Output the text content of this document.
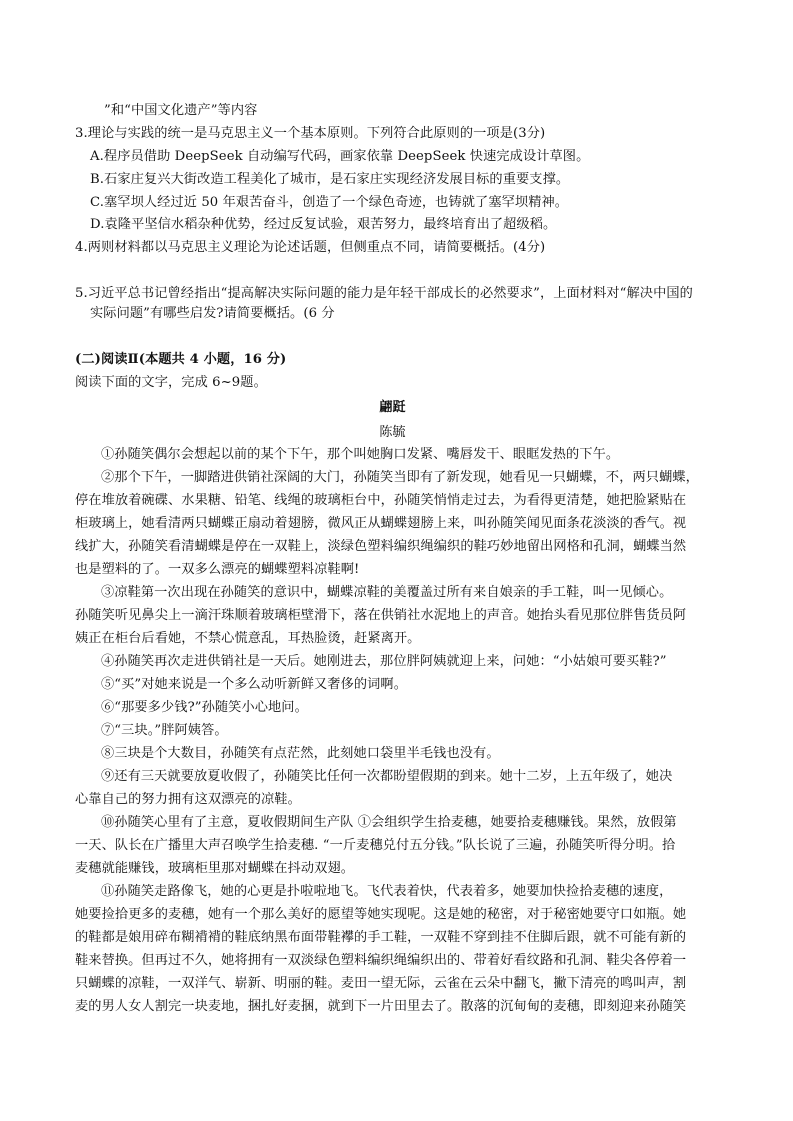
”和“中国文化遗产”等内容
3.理论与实践的统一是马克思主义一个基本原则。下列符合此原则的一项是(3分)
A.程序员借助 DeepSeek 自动编写代码，画家依靠 DeepSeek 快速完成设计草图。
B.石家庄复兴大街改造工程美化了城市，是石家庄实现经济发展目标的重要支撑。
C.塞罕坝人经过近 50 年艰苦奋斗，创造了一个绿色奇迹，也铸就了塞罕坝精神。
D.袁隆平坚信水稻杂种优势，经过反复试验，艰苦努力，最终培育出了超级稻。
4.两则材料都以马克思主义理论为论述话题，但侧重点不同，请简要概括。(4分)
5.习近平总书记曾经指出“提高解决实际问题的能力是年轻干部成长的必然要求”，上面材料对“解决中国的
实际问题”有哪些启发?请简要概括。(6 分
(二)阅读Ⅱ(本题共 4 小题，16 分)
阅读下面的文字，完成 6~9题。
翩跹
陈毓
①孙随笑偶尔会想起以前的某个下午，那个叫她胸口发紧、嘴唇发干、眼眶发热的下午。
②那个下午，一脚踏进供销社深阔的大门，孙随笑当即有了新发现，她看见一只蝴蝶，不，两只蝴蝶，
停在堆放着碗碟、水果糖、铅笔、线绳的玻璃柜台中，孙随笑悄悄走过去，为看得更清楚，她把脸紧贴在
柜玻璃上，她看清两只蝴蝶正扇动着翅膀，微风正从蝴蝶翅膀上来，叫孙随笑闻见面条花淡淡的香气。视
线扩大，孙随笑看清蝴蝶是停在一双鞋上，淡绿色塑料编织绳编织的鞋巧妙地留出网格和孔洞，蝴蝶当然
也是塑料的了。一双多么漂亮的蝴蝶塑料凉鞋啊!
③凉鞋第一次出现在孙随笑的意识中，蝴蝶凉鞋的美覆盖过所有来自娘亲的手工鞋，叫一见倾心。
孙随笑听见鼻尖上一滴汗珠顺着玻璃柜壁滑下，落在供销社水泥地上的声音。她抬头看见那位胖售货员阿
姨正在柜台后看她，不禁心慌意乱，耳热脸烫，赶紧离开。
④孙随笑再次走进供销社是一天后。她刚进去，那位胖阿姨就迎上来，问她：“小姑娘可要买鞋?”
⑤“买”对她来说是一个多么动听新鲜又奢侈的词啊。
⑥“那要多少钱?”孙随笑小心地问。
⑦“三块。”胖阿姨答。
⑧三块是个大数目，孙随笑有点茫然，此刻她口袋里半毛钱也没有。
⑨还有三天就要放夏收假了，孙随笑比任何一次都盼望假期的到来。她十二岁，上五年级了，她决
心靠自己的努力拥有这双漂亮的凉鞋。
⑩孙随笑心里有了主意，夏收假期间生产队 ①会组织学生拾麦穗，她要拾麦穗赚钱。果然，放假第
一天、队长在广播里大声召唤学生拾麦穗. “一斤麦穗兑付五分钱。”队长说了三遍，孙随笑听得分明。拾
麦穗就能赚钱，玻璃柜里那对蝴蝶在抖动双翅。
⑪孙随笑走路像飞，她的心更是扑啦啦地飞。飞代表着快，代表着多，她要加快捡拾麦穗的速度，
她要捡拾更多的麦穗，她有一个那么美好的愿望等她实现呢。这是她的秘密，对于秘密她要守口如瓶。她
的鞋都是娘用碎布糊褙褙的鞋底纳黑布面带鞋襻的手工鞋，一双鞋不穿到挂不住脚后跟，就不可能有新的
鞋来替换。但再过不久，她将拥有一双淡绿色塑料编织绳编织出的、带着好看纹路和孔洞、鞋尖各停着一
只蝴蝶的凉鞋，一双洋气、崭新、明丽的鞋。麦田一望无际，云雀在云朵中翻飞，撇下清亮的鸣叫声，割
麦的男人女人割完一块麦地，捆扎好麦捆，就到下一片田里去了。散落的沉甸甸的麦穗，即刻迎来孙随笑
